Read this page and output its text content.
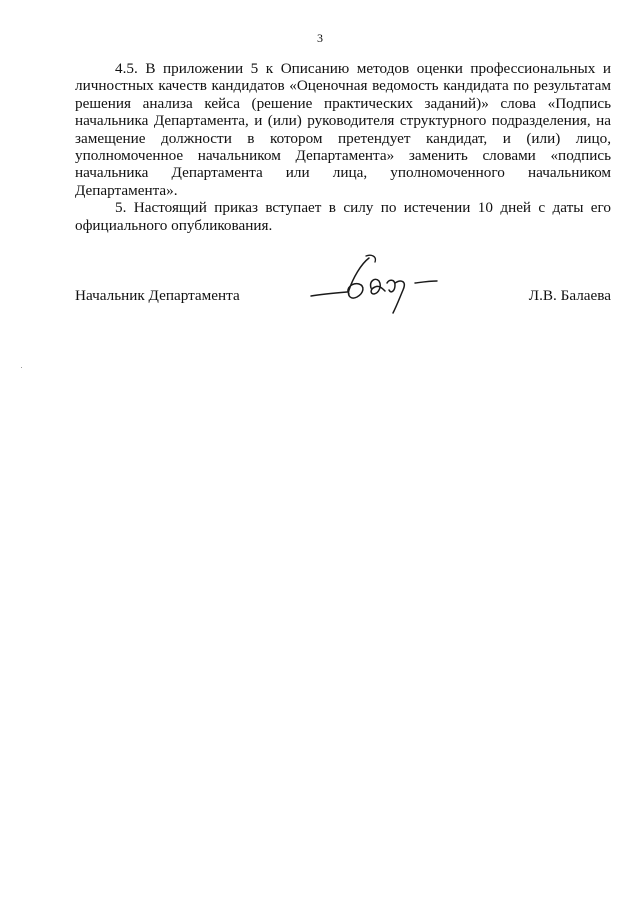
3

4.5. В приложении 5 к Описанию методов оценки профессиональных и личностных качеств кандидатов «Оценочная ведомость кандидата по результатам решения анализа кейса (решение практических заданий)» слова «Подпись начальника Департамента, и (или) руководителя структурного подразделения, на замещение должности в котором претендует кандидат, и (или) лицо, уполномоченное начальником Департамента» заменить словами «подпись начальника Департамента или лица, уполномоченного начальником Департамента».

5. Настоящий приказ вступает в силу по истечении 10 дней с даты его официального опубликования.

Начальник Департамента	Л.В. Балаева
